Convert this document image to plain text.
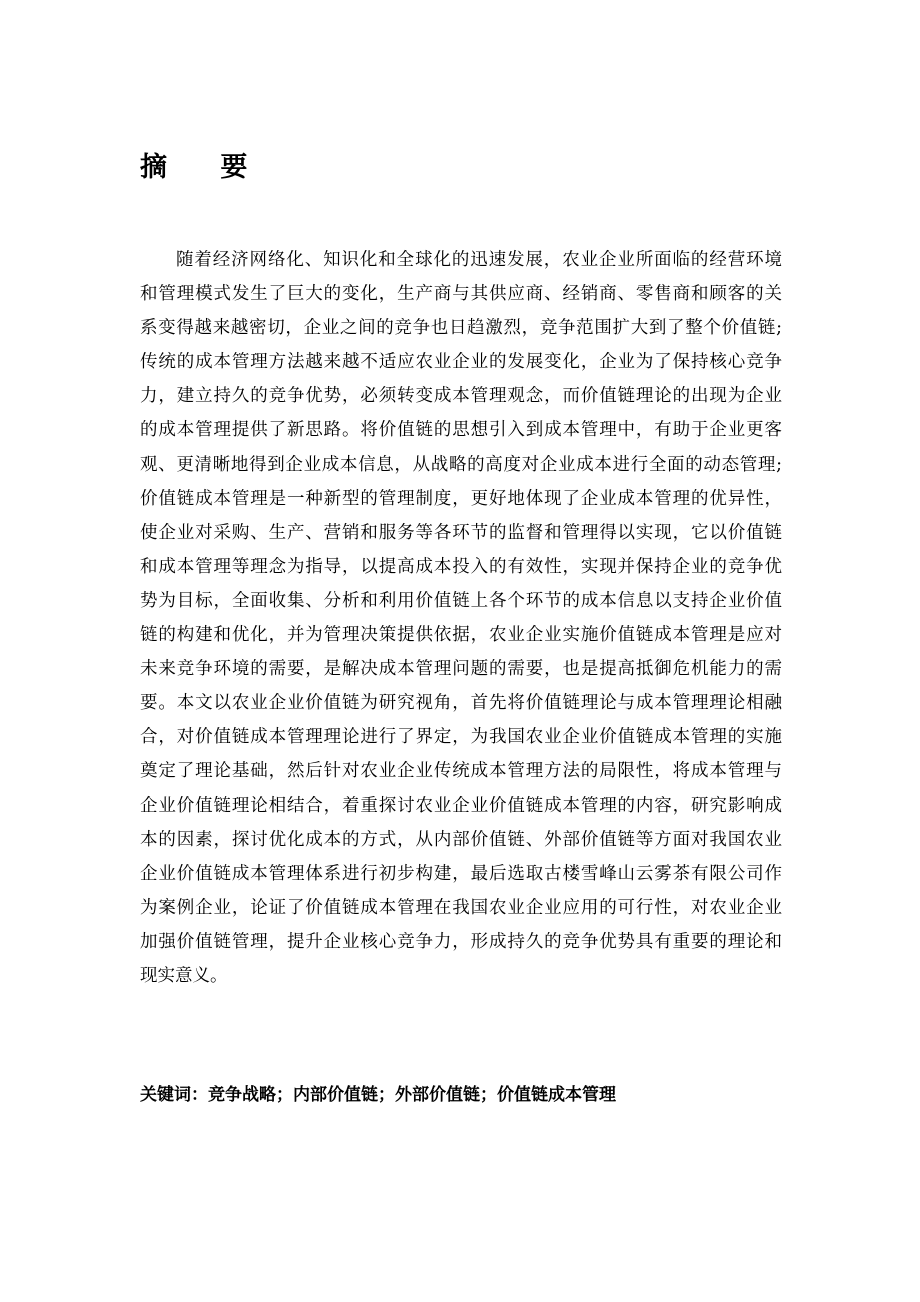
摘 要
随着经济网络化、知识化和全球化的迅速发展，农业企业所面临的经营环境
和管理模式发生了巨大的变化，生产商与其供应商、经销商、零售商和顾客的关
系变得越来越密切，企业之间的竞争也日趋激烈，竞争范围扩大到了整个价值链;
传统的成本管理方法越来越不适应农业企业的发展变化，企业为了保持核心竞争
力，建立持久的竞争优势，必须转变成本管理观念，而价值链理论的出现为企业
的成本管理提供了新思路。将价值链的思想引入到成本管理中，有助于企业更客
观、更清晰地得到企业成本信息，从战略的高度对企业成本进行全面的动态管理;
价值链成本管理是一种新型的管理制度，更好地体现了企业成本管理的优异性，
使企业对采购、生产、营销和服务等各环节的监督和管理得以实现，它以价值链
和成本管理等理念为指导，以提高成本投入的有效性，实现并保持企业的竞争优
势为目标，全面收集、分析和利用价值链上各个环节的成本信息以支持企业价值
链的构建和优化，并为管理决策提供依据，农业企业实施价值链成本管理是应对
未来竞争环境的需要，是解决成本管理问题的需要，也是提高抵御危机能力的需
要。本文以农业企业价值链为研究视角，首先将价值链理论与成本管理理论相融
合，对价值链成本管理理论进行了界定，为我国农业企业价值链成本管理的实施
奠定了理论基础，然后针对农业企业传统成本管理方法的局限性，将成本管理与
企业价值链理论相结合，着重探讨农业企业价值链成本管理的内容，研究影响成
本的因素，探讨优化成本的方式，从内部价值链、外部价值链等方面对我国农业
企业价值链成本管理体系进行初步构建，最后选取古楼雪峰山云雾茶有限公司作
为案例企业，论证了价值链成本管理在我国农业企业应用的可行性，对农业企业
加强价值链管理，提升企业核心竞争力，形成持久的竞争优势具有重要的理论和
现实意义。

关键词：竞争战略；内部价值链；外部价值链；价值链成本管理
